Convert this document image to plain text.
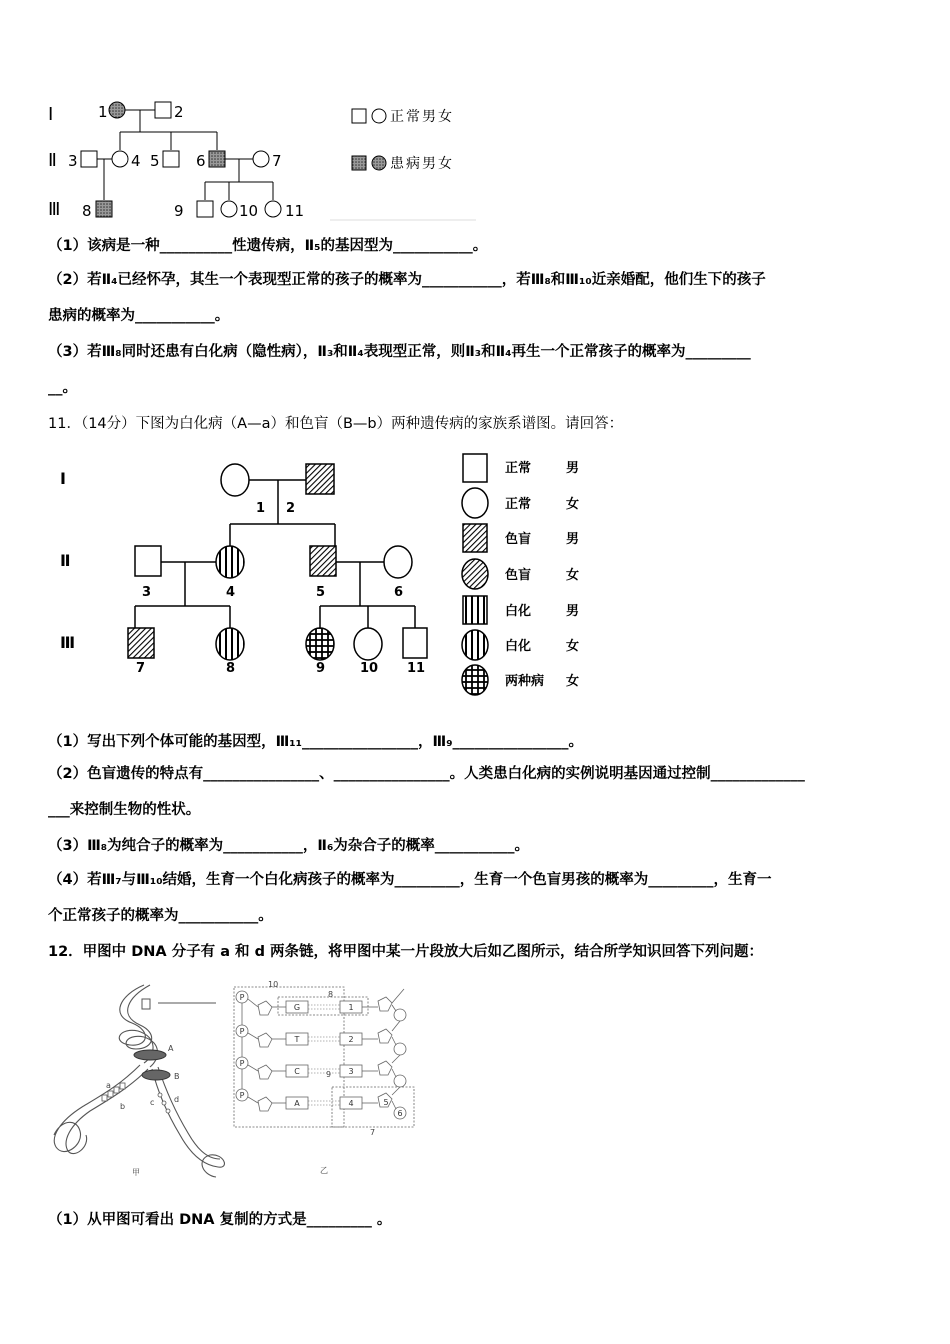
Ⅰ
Ⅱ
Ⅲ
1	2
3	4 5 6	7
8	9	10 11
正常男女
患病男女
（1）该病是一种__________性遗传病，Ⅱ₅的基因型为___________。
（2）若Ⅱ₄已经怀孕，其生一个表现型正常的孩子的概率为___________，若Ⅲ₈和Ⅲ₁₀近亲婚配，他们生下的孩子
患病的概率为___________。
（3）若Ⅲ₈同时还患有白化病（隐性病），Ⅱ₃和Ⅱ₄表现型正常，则Ⅱ₃和Ⅱ₄再生一个正常孩子的概率为_________
__。
11．（14分）下图为白化病（A—a）和色盲（B—b）两种遗传病的家族系谱图。请回答：
Ⅰ
Ⅱ
Ⅲ
1 2
3	4	5	6
7	8	9	10 11
正常	男
正常	女
色盲	男
色盲	女
白化	男
白化	女
两种病 女
（1）写出下列个体可能的基因型，Ⅲ₁₁________________，Ⅲ₉________________。
（2）色盲遗传的特点有________________、________________。人类患白化病的实例说明基因通过控制_____________
___来控制生物的性状。
（3）Ⅲ₈为纯合子的概率为___________，Ⅱ₆为杂合子的概率___________。
（4）若Ⅲ₇与Ⅲ₁₀结婚，生育一个白化病孩子的概率为_________，生育一个色盲男孩的概率为_________，生育一
个正常孩子的概率为___________。
12．甲图中 DNA 分子有 a 和 d 两条链，将甲图中某一片段放大后如乙图所示，结合所学知识回答下列问题：
A
B
a
b	c d
甲
10
8
9
7
乙
P
P
P
P
G
T
C
A
1
2
3
4	5
6
（1）从甲图可看出 DNA 复制的方式是_________ 。
